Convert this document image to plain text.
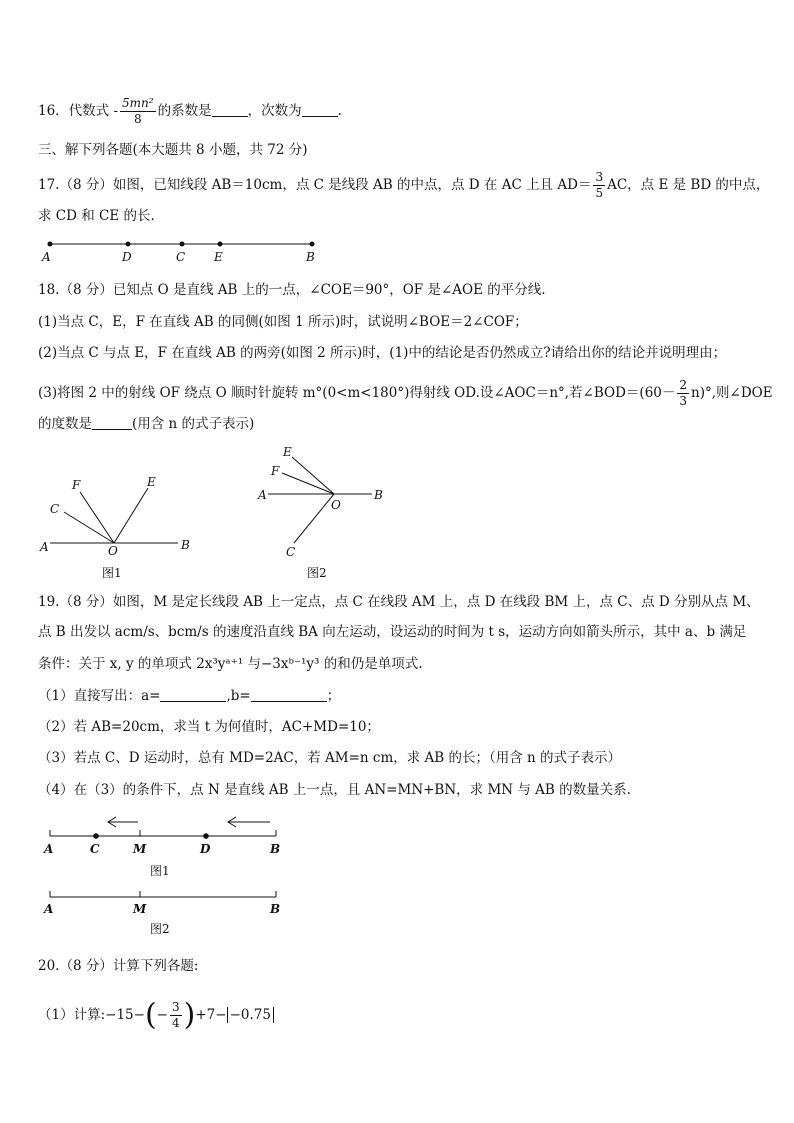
16．代数式 - $\frac{\text{5mn²}}{8}$ 的系数是	，次数为	.
三、解下列各题(本大题共 8 小题，共 72 分)
17.（8 分）如图，已知线段 AB＝10cm，点 C 是线段 AB 的中点，点 D 在 AC 上且 $AD= \frac{3}{5}$ AC，点 E 是 BD 的中点，
求 CD 和 CE 的长.
A	D	C E	B
18.（8 分）已知点 O 是直线 AB 上的一点，∠COE＝90°，OF 是∠AOE 的平分线.
(1)当点 C，E，F 在直线 AB 的同侧(如图 1 所示)时，试说明∠BOE＝2∠COF；
(2)当点 C 与点 E，F 在直线 AB 的两旁(如图 2 所示)时，(1)中的结论是否仍然成立?请给出你的结论并说明理由；
(3)将图 2 中的射线 OF 绕点 O 顺时针旋转 m°(0<m<180°)得射线 OD.设∠AOC＝n°,若∠BOD＝(60－ $\frac{2}{3} n)^\circ$,则∠DOE
的度数是	(用含 n 的式子表示)
F	E
C
A	O	B
图1
E
F
A
O
B
C
图2
19.（8 分）如图，M 是定长线段 AB 上一定点，点 C 在线段 AM 上，点 D 在线段 BM 上，点 C、点 D 分别从点 M、
点 B 出发以 acm/s、bcm/s 的速度沿直线 BA 向左运动，设运动的时间为 t s，运动方向如箭头所示，其中 a、b 满足
条件：关于 x, y 的单项式 2x³yᵃ⁺¹ 与−3xᵇ⁻¹y³ 的和仍是单项式.
（1）直接写出：a=	,b=	；
（2）若 AB=20cm，求当 t 为何值时，AC+MD=10；
（3）若点 C、D 运动时，总有 MD=2AC，若 AM=n cm，求 AB 的长；（用含 n 的式子表示）
（4）在（3）的条件下，点 N 是直线 AB 上一点，且 AN=MN+BN，求 MN 与 AB 的数量关系.
A	C	M	D	B
图1
A	M	B
图2
20.（8 分）计算下列各题:
（1）计算:−15−(− $\frac{3}{4} )+7- -0.75$
